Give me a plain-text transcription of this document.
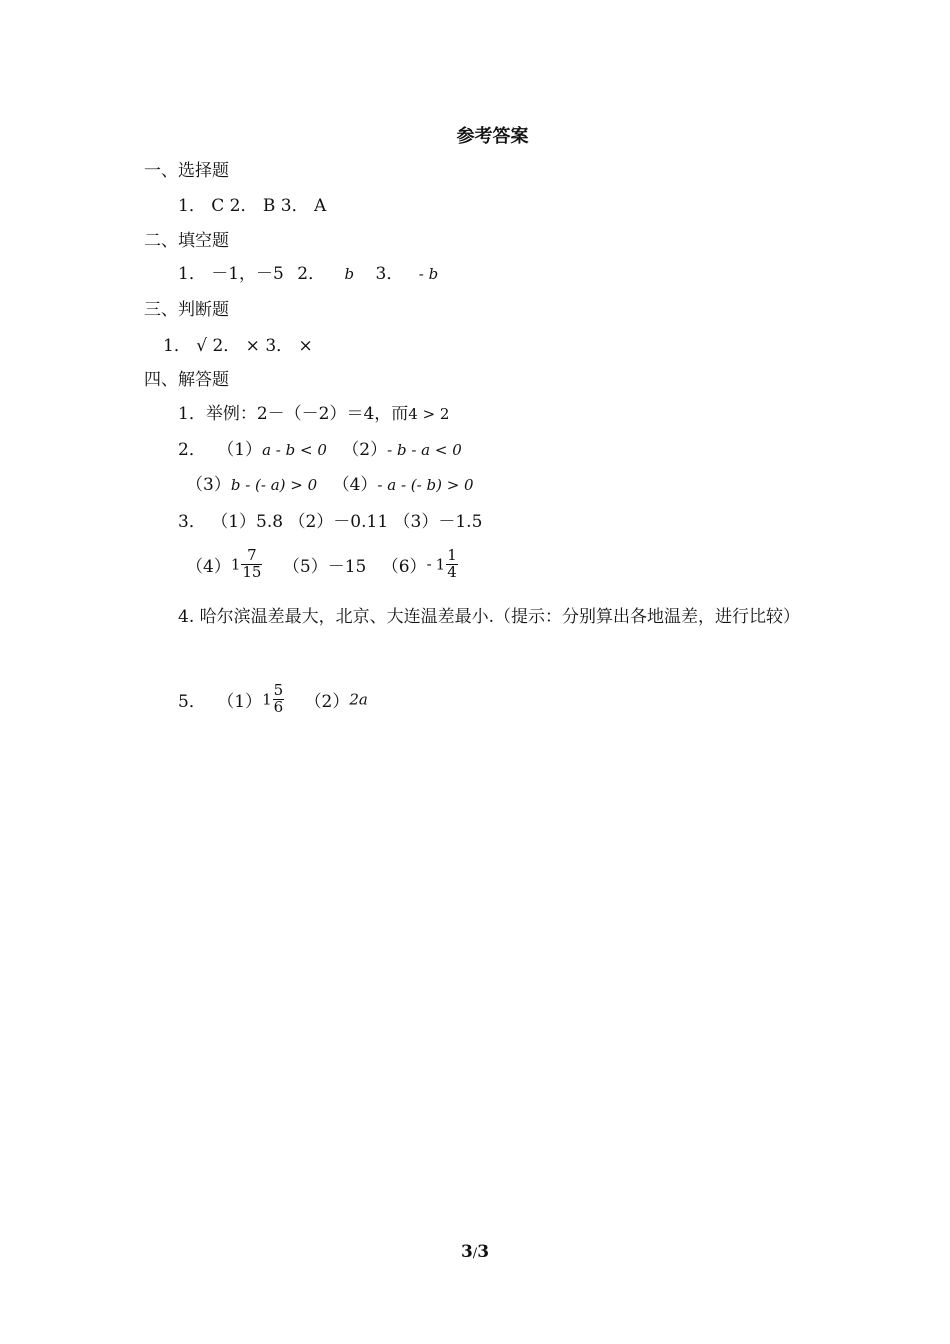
参考答案
一、选择题
1． C 2． B 3． A
二、填空题
1． －1，－5 2． b 3． - b
三、判断题
1． √ 2． × 3． ×
四、解答题
1．举例：2－（－2）＝4，而4 > 2
2． （1）a - b < 0 （2）- b - a < 0
（3）b - (- a) > 0 （4）- a - (- b) > 0
3． （1）5.8 （2）－0.11 （3）－1.5
$(4)1 \frac{7}{15} (5)-15$ （6）- $1 \frac{1}{4}$
4. 哈尔滨温差最大，北京、大连温差最小.（提示：分别算出各地温差，进行比较）
5． $(1)1 \frac{5}{6} (2)2a$
3/3
